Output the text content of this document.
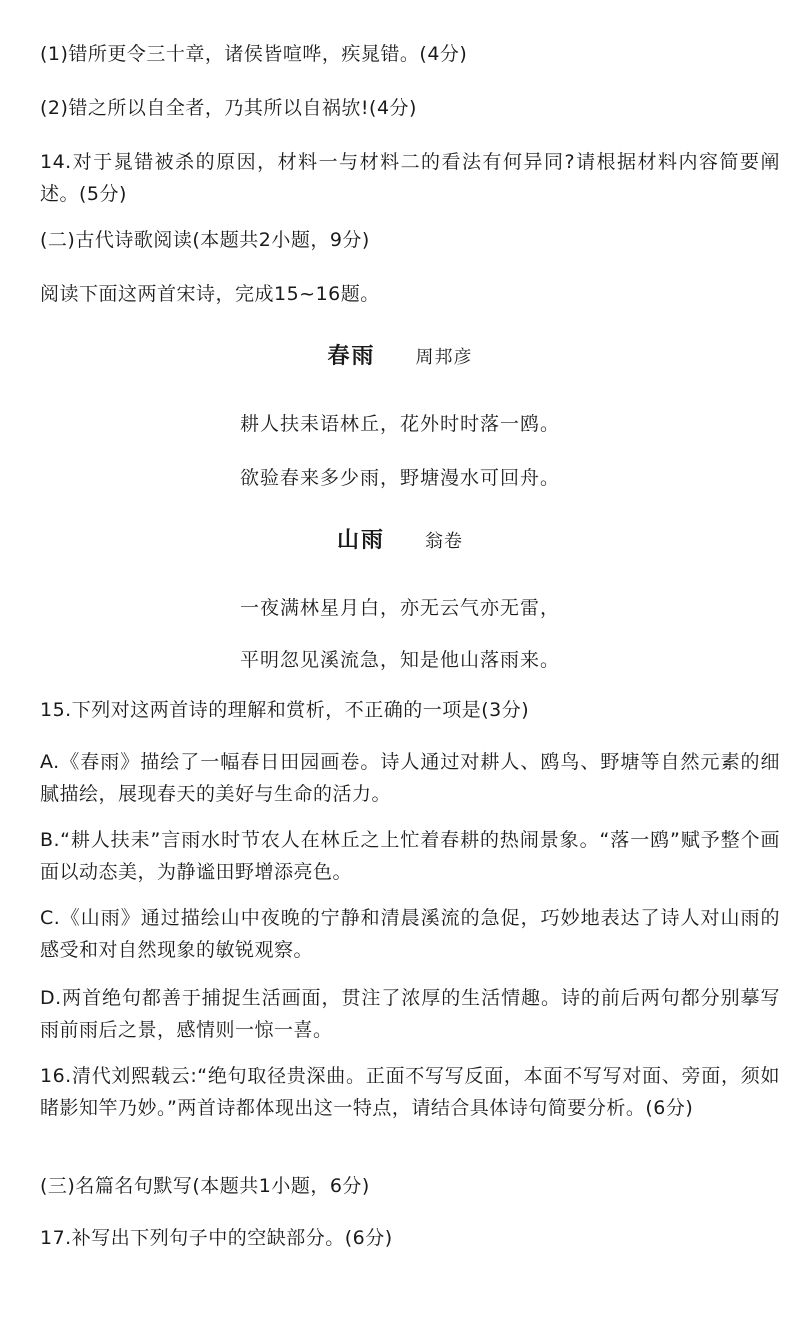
(1)错所更令三十章，诸侯皆喧哗，疾晁错。(4分)
(2)错之所以自全者，乃其所以自祸欤!(4分)
14.对于晁错被杀的原因，材料一与材料二的看法有何异同?请根据材料内容简要阐述。(5分)
(二)古代诗歌阅读(本题共2小题，9分)
阅读下面这两首宋诗，完成15~16题。
春雨 周邦彦
耕人扶耒语林丘，花外时时落一鸥。
欲验春来多少雨，野塘漫水可回舟。
山雨 翁卷
一夜满林星月白，亦无云气亦无雷，
平明忽见溪流急，知是他山落雨来。
15.下列对这两首诗的理解和赏析，不正确的一项是(3分)
A.《春雨》描绘了一幅春日田园画卷。诗人通过对耕人、鸥鸟、野塘等自然元素的细腻描绘，展现春天的美好与生命的活力。
B.“耕人扶耒”言雨水时节农人在林丘之上忙着春耕的热闹景象。“落一鸥”赋予整个画面以动态美，为静谧田野增添亮色。
C.《山雨》通过描绘山中夜晚的宁静和清晨溪流的急促，巧妙地表达了诗人对山雨的感受和对自然现象的敏锐观察。
D.两首绝句都善于捕捉生活画面，贯注了浓厚的生活情趣。诗的前后两句都分别摹写雨前雨后之景，感情则一惊一喜。
16.清代刘熙载云:“绝句取径贵深曲。正面不写写反面，本面不写写对面、旁面，须如睹影知竿乃妙。”两首诗都体现出这一特点，请结合具体诗句简要分析。(6分)
(三)名篇名句默写(本题共1小题，6分)
17.补写出下列句子中的空缺部分。(6分)
